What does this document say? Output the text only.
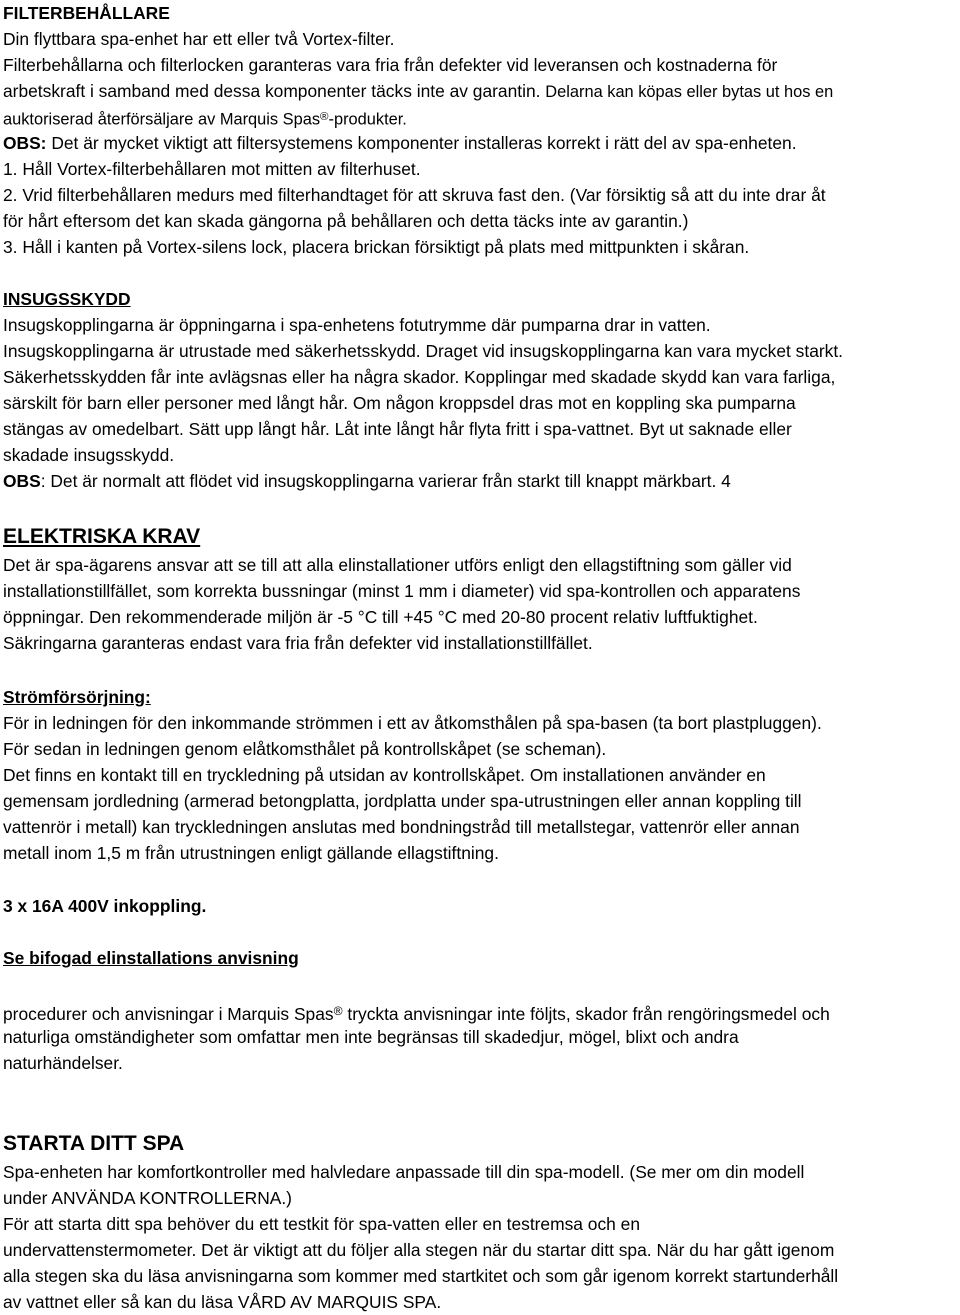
FILTERBEHÅLLARE
Din flyttbara spa-enhet har ett eller två Vortex-filter.
Filterbehållarna och filterlocken garanteras vara fria från defekter vid leveransen och kostnaderna för
arbetskraft i samband med dessa komponenter täcks inte av garantin. Delarna kan köpas eller bytas ut hos en
auktoriserad återförsäljare av Marquis Spas®-produkter.
OBS: Det är mycket viktigt att filtersystemens komponenter installeras korrekt i rätt del av spa-enheten.
1. Håll Vortex-filterbehållaren mot mitten av filterhuset.
2. Vrid filterbehållaren medurs med filterhandtaget för att skruva fast den. (Var försiktig så att du inte drar åt
för hårt eftersom det kan skada gängorna på behållaren och detta täcks inte av garantin.)
3. Håll i kanten på Vortex-silens lock, placera brickan försiktigt på plats med mittpunkten i skåran.
INSUGSSKYDD
Insugskopplingarna är öppningarna i spa-enhetens fotutrymme där pumparna drar in vatten.
Insugskopplingarna är utrustade med säkerhetsskydd. Draget vid insugskopplingarna kan vara mycket starkt.
Säkerhetsskydden får inte avlägsnas eller ha några skador. Kopplingar med skadade skydd kan vara farliga,
särskilt för barn eller personer med långt hår. Om någon kroppsdel dras mot en koppling ska pumparna
stängas av omedelbart. Sätt upp långt hår. Låt inte långt hår flyta fritt i spa-vattnet. Byt ut saknade eller
skadade insugsskydd.
OBS: Det är normalt att flödet vid insugskopplingarna varierar från starkt till knappt märkbart. 4
ELEKTRISKA KRAV
Det är spa-ägarens ansvar att se till att alla elinstallationer utförs enligt den ellagstiftning som gäller vid
installationstillfället, som korrekta bussningar (minst 1 mm i diameter) vid spa-kontrollen och apparatens
öppningar. Den rekommenderade miljön är -5 °C till +45 °C med 20-80 procent relativ luftfuktighet.
Säkringarna garanteras endast vara fria från defekter vid installationstillfället.
Strömförsörjning:
För in ledningen för den inkommande strömmen i ett av åtkomsthålen på spa-basen (ta bort plastpluggen).
För sedan in ledningen genom elåtkomsthålet på kontrollskåpet (se scheman).
Det finns en kontakt till en tryckledning på utsidan av kontrollskåpet. Om installationen använder en
gemensam jordledning (armerad betongplatta, jordplatta under spa-utrustningen eller annan koppling till
vattenrör i metall) kan tryckledningen anslutas med bondningstråd till metallstegar, vattenrör eller annan
metall inom 1,5 m från utrustningen enligt gällande ellagstiftning.
3 x 16A 400V inkoppling.
Se bifogad elinstallations anvisning
procedurer och anvisningar i Marquis Spas® tryckta anvisningar inte följts, skador från rengöringsmedel och
naturliga omständigheter som omfattar men inte begränsas till skadedjur, mögel, blixt och andra
naturhändelser.
STARTA DITT SPA
Spa-enheten har komfortkontroller med halvledare anpassade till din spa-modell. (Se mer om din modell
under ANVÄNDA KONTROLLERNA.)
För att starta ditt spa behöver du ett testkit för spa-vatten eller en testremsa och en
undervattenstermometer. Det är viktigt att du följer alla stegen när du startar ditt spa. När du har gått igenom
alla stegen ska du läsa anvisningarna som kommer med startkitet och som går igenom korrekt startunderhåll
av vattnet eller så kan du läsa VÅRD AV MARQUIS SPA.
